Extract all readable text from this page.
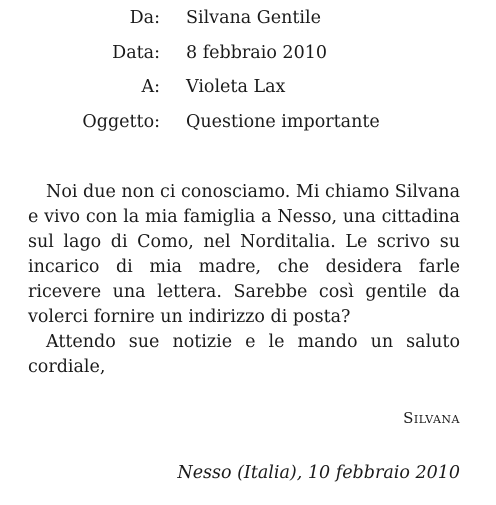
Da: Silvana Gentile
Data: 8 febbraio 2010
A: Violeta Lax
Oggetto: Questione importante

Noi due non ci conosciamo. Mi chiamo Silvana e vivo con la mia famiglia a Nesso, una cittadina sul lago di Como, nel Norditalia. Le scrivo su incarico di mia madre, che desidera farle ricevere una lettera. Sarebbe così gentile da volerci fornire un indirizzo di posta?

Attendo sue notizie e le mando un saluto cordiale,

Silvana
Nesso (Italia), 10 febbraio 2010
